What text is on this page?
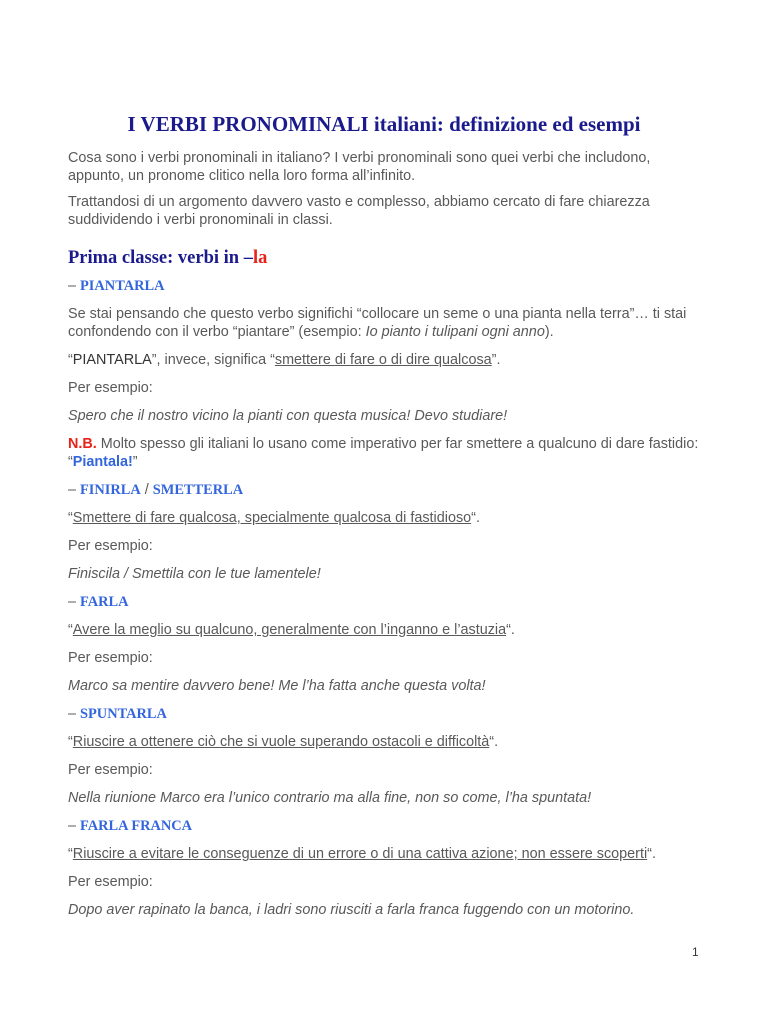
I VERBI PRONOMINALI italiani: definizione ed esempi

Cosa sono i verbi pronominali in italiano? I verbi pronominali sono quei verbi che includono, appunto, un pronome clitico nella loro forma all’infinito.

Trattandosi di un argomento davvero vasto e complesso, abbiamo cercato di fare chiarezza suddividendo i verbi pronominali in classi.

Prima classe: verbi in –la

– PIANTARLA

Se stai pensando che questo verbo significhi “collocare un seme o una pianta nella terra”… ti stai confondendo con il verbo “piantare” (esempio: Io pianto i tulipani ogni anno).

“PIANTARLA”, invece, significa “smettere di fare o di dire qualcosa”.

Per esempio:

Spero che il nostro vicino la pianti con questa musica! Devo studiare!

N.B. Molto spesso gli italiani lo usano come imperativo per far smettere a qualcuno di dare fastidio: “Piantala!”

– FINIRLA / SMETTERLA

“Smettere di fare qualcosa, specialmente qualcosa di fastidioso“.

Per esempio:

Finiscila / Smettila con le tue lamentele!

– FARLA

“Avere la meglio su qualcuno, generalmente con l’inganno e l’astuzia“.

Per esempio:

Marco sa mentire davvero bene! Me l’ha fatta anche questa volta!

– SPUNTARLA

“Riuscire a ottenere ciò che si vuole superando ostacoli e difficoltà“.

Per esempio:

Nella riunione Marco era l’unico contrario ma alla fine, non so come, l’ha spuntata!

– FARLA FRANCA

“Riuscire a evitare le conseguenze di un errore o di una cattiva azione; non essere scoperti“.

Per esempio:

Dopo aver rapinato la banca, i ladri sono riusciti a farla franca fuggendo con un motorino.

1
